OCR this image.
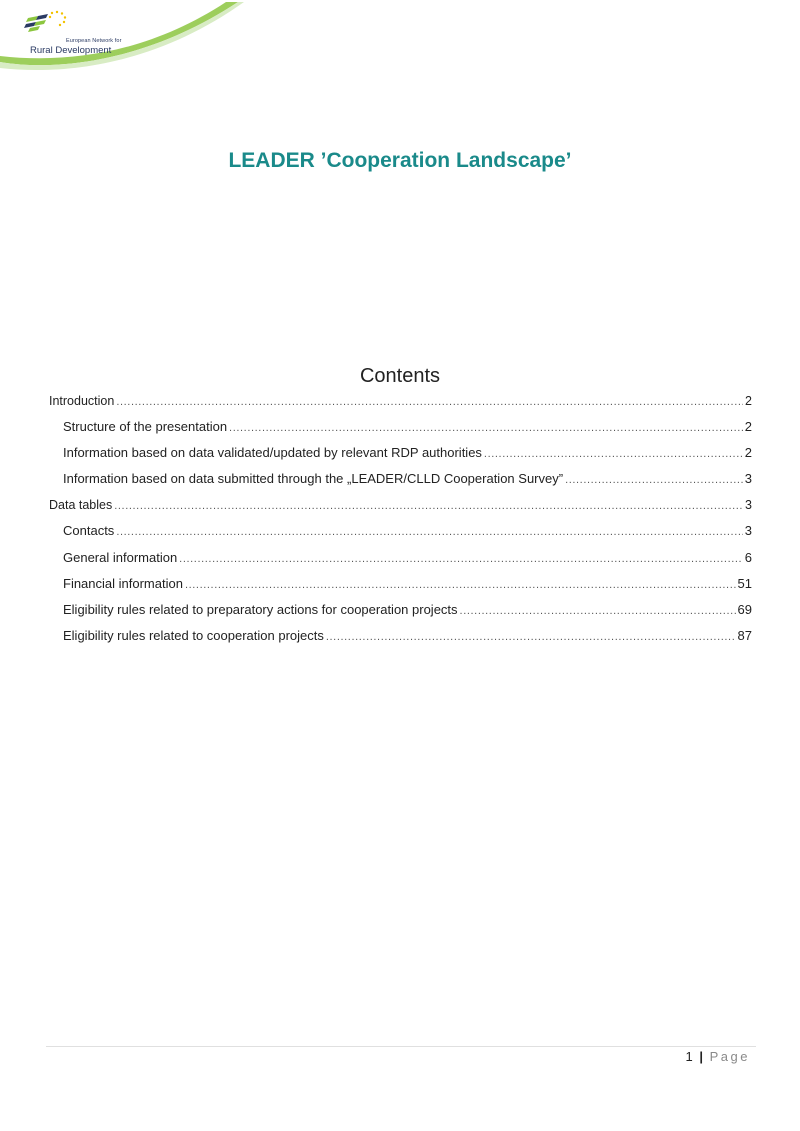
European Network for
Rural Development
LEADER ’Cooperation Landscape’
Contents
Introduction .....	2
Structure of the presentation .....	2
Information based on data validated/updated by relevant RDP authorities .....	2
Information based on data submitted through the „LEADER/CLLD Cooperation Survey” .....	3
Data tables .....	3
Contacts .....	3
General information .....	6
Financial information .....	51
Eligibility rules related to preparatory actions for cooperation projects .....	69
Eligibility rules related to cooperation projects .....	87
1 | Page
